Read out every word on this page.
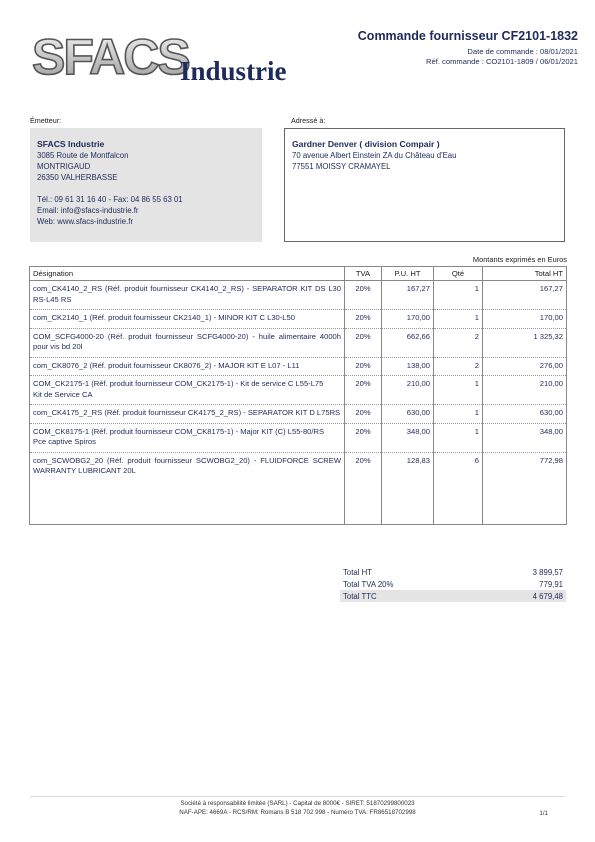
SFACS
Industrie
Commande fournisseur CF2101-1832
Date de commande : 08/01/2021
Réf. commande : CO2101-1809 / 06/01/2021
Émetteur:
SFACS Industrie
3085 Route de Montfalcon
MONTRIGAUD
26350 VALHERBASSE
Tél.: 09 61 31 16 40 - Fax: 04 86 55 63 01
Email: info@sfacs-industrie.fr
Web: www.sfacs-industrie.fr
Adressé à:
Gardner Denver ( division Compair )
70 avenue Albert Einstein ZA du Château d'Eau
77551 MOISSY CRAMAYEL
Montants exprimés en Euros
Désignation	TVA	P.U. HT	Qté	Total HT
com_CK4140_2_RS (Réf. produit fournisseur CK4140_2_RS) - SEPARATOR KIT DS L30 RS-L45 RS	20%	167,27	1	167,27
com_CK2140_1 (Réf. produit fournisseur CK2140_1) - MINOR KIT C L30-L50	20%	170,00	1	170,00
COM_SCFG4000-20 (Réf. produit fournisseur SCFG4000-20) - huile alimentaire 4000h pour vis bd 20l	20%	662,66	2	1 325,32
com_CK8076_2 (Réf. produit fournisseur CK8076_2) - MAJOR KIT E L07 - L11	20%	138,00	2	276,00

COM_CK2175-1 (Réf. produit fournisseur COM_CK2175-1) - Kit de service C L55-L75
Kit de Service CA	20%	210,00	1	210,00
com_CK4175_2_RS (Réf. produit fournisseur CK4175_2_RS) - SEPARATOR KIT D L75RS	20%	630,00	1	630,00

COM_CK8175-1 (Réf. produit fournisseur COM_CK8175-1) - Major KIT (C) L55-80/RS
Pce captive Spiros	20%	348,00	1	348,00
com_SCWOBG2_20 (Réf. produit fournisseur SCWOBG2_20) - FLUIDFORCE SCREW WARRANTY LUBRICANT 20L	20%	128,83	6	772,98
Total HT	3 899,57
Total TVA 20%	779,91
Total TTC	4 679,48
Société à responsabilité limitée (SARL) - Capital de 8000€ - SIRET: 51870299800023
NAF-APE: 4669A - RCS/RM: Romans B 518 702 998 - Numéro TVA: FR86518702998	1/1
